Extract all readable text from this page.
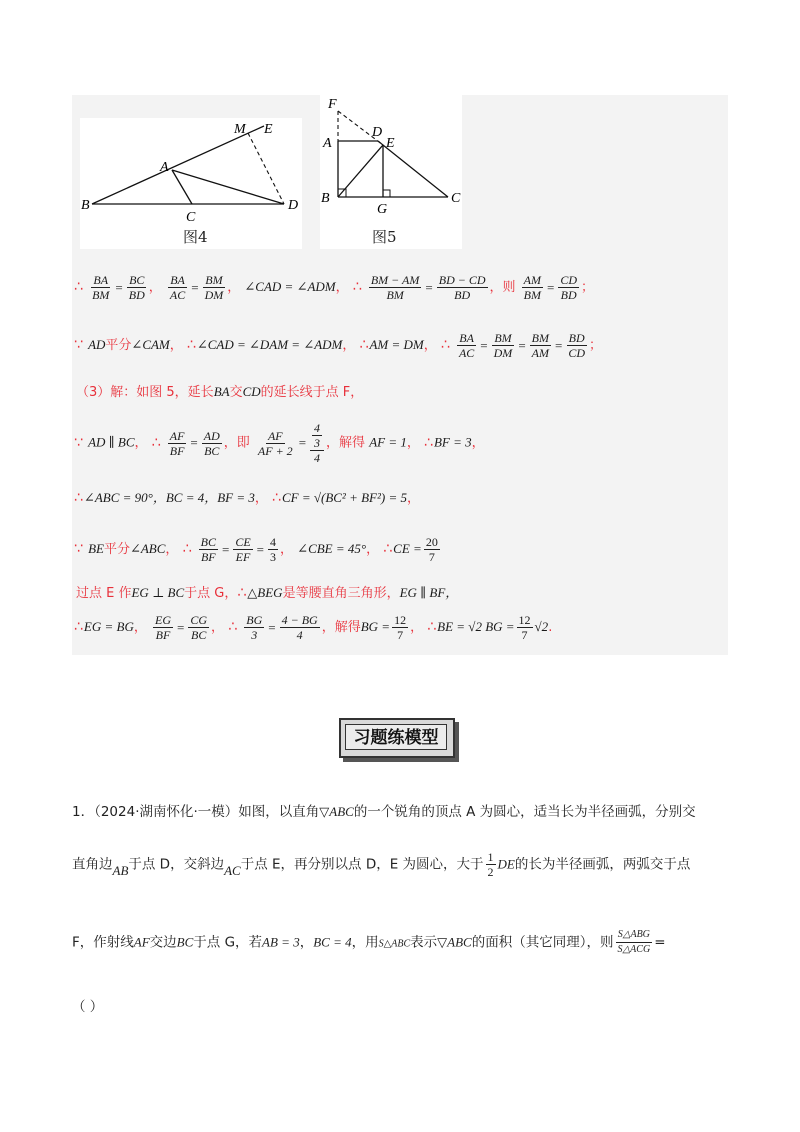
M E
A
B
C
D
图4
F
D
E
A
B
G
C
图5
∴ $\frac{BA}{BM} = \frac{BC}{BD}$ ， $\frac{BA}{AC} = \frac{BM}{DM}$ ， ∠CAD = ∠ADM， ∴ $\frac{BM - AM}{BM} = \frac{BD - CD}{BD}$ ，则 $\frac{AM}{BM} = \frac{CD}{BD}$ ；
∵ AD平分∠CAM， ∴ ∠CAD = ∠DAM = ∠ADM， ∴ AM = DM， ∴ $\frac{BA}{AC} = \frac{BM}{DM} = \frac{BM}{AM} = \frac{BD}{CD}$ ；
（3）解：如图 5，延长BA交CD的延长线于点 F，
∵ AD ∥ BC， ∴ $\frac{AF}{BF} = \frac{AD}{BC}$ ，即 $\frac{AF}{AF + 2} = \frac{\frac{4}{3}}{4}$ ，解得 AF = 1， ∴ BF = 3，
∴ ∠ABC = 90°，BC = 4，BF = 3， ∴ CF = √(BC² + BF²) = 5，
∵ BE平分∠ABC， ∴ $\frac{BC}{BF} = \frac{CE}{EF} = \frac{4}{3}$ ， ∠CBE = 45°， ∴ CE = $\frac{20}{7}$
过点 E 作EG ⊥ BC于点 G，∴ △BEG是等腰直角三角形，EG ∥ BF，
∴ EG = BG， $\frac{EG}{BF} = \frac{CG}{BC}$ ， ∴ $\frac{BG}{3} = \frac{4 - BG}{4}$ ，解得BG = $\frac{12}{7}$ ， ∴ BE = √2 BG = $\frac{12}{7} √2$.
习题练模型
1．（2024·湖南怀化·一模）如图，以直角▽ABC的一个锐角的顶点 A 为圆心，适当长为半径画弧，分别交
直角边AB于点 D，交斜边AC于点 E，再分别以点 D，E 为圆心，大于 $\frac{1}{2}$ DE的长为半径画弧，两弧交于点
F，作射线AF交边BC于点 G，若AB = 3，BC = 4，用S△ABC表示▽ABC的面积（其它同理），则 $\frac{\text{S△ABG}}{\text{S△ACG}}$ =
（ ）
